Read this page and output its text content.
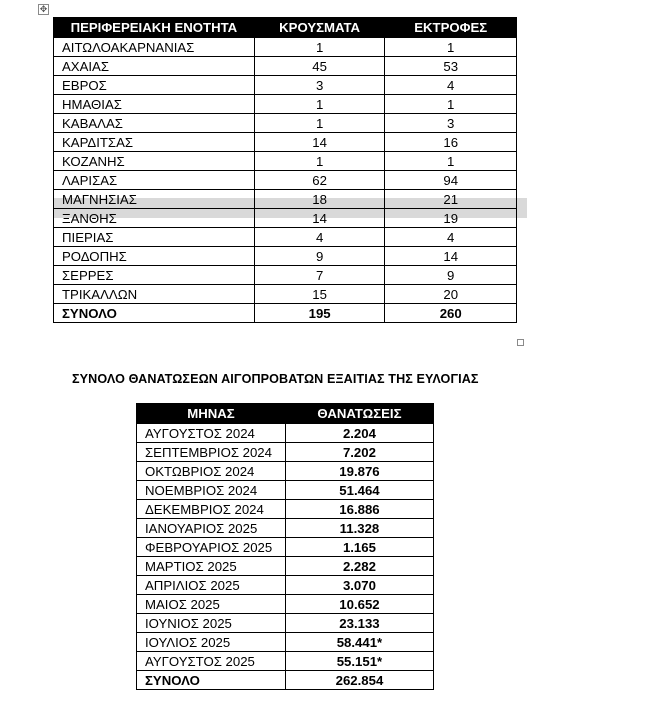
✥
ΠΕΡΙΦΕΡΕΙΑΚΗ ΕΝΟΤΗΤΑ	ΚΡΟΥΣΜΑΤΑ	ΕΚΤΡΟΦΕΣ
ΑΙΤΩΛΟΑΚΑΡΝΑΝΙΑΣ	1	1
ΑΧΑΙΑΣ	45	53
ΕΒΡΟΣ	3	4
ΗΜΑΘΙΑΣ	1	1
ΚΑΒΑΛΑΣ	1	3
ΚΑΡΔΙΤΣΑΣ	14	16
ΚΟΖΑΝΗΣ	1	1
ΛΑΡΙΣΑΣ	62	94
ΜΑΓΝΗΣΙΑΣ	18	21
ΞΑΝΘΗΣ	14	19
ΠΙΕΡΙΑΣ	4	4
ΡΟΔΟΠΗΣ	9	14
ΣΕΡΡΕΣ	7	9
ΤΡΙΚΑΛΛΩΝ	15	20
ΣΥΝΟΛΟ	195	260
ΣΥΝΟΛΟ ΘΑΝΑΤΩΣΕΩΝ ΑΙΓΟΠΡΟΒΑΤΩΝ ΕΞΑΙΤΙΑΣ ΤΗΣ ΕΥΛΟΓΙΑΣ
ΜΗΝΑΣ	ΘΑΝΑΤΩΣΕΙΣ
ΑΥΓΟΥΣΤΟΣ 2024	2.204
ΣΕΠΤΕΜΒΡΙΟΣ 2024	7.202
ΟΚΤΩΒΡΙΟΣ 2024	19.876
ΝΟΕΜΒΡΙΟΣ 2024	51.464
ΔΕΚΕΜΒΡΙΟΣ 2024	16.886
ΙΑΝΟΥΑΡΙΟΣ 2025	11.328
ΦΕΒΡΟΥΑΡΙΟΣ 2025	1.165
ΜΑΡΤΙΟΣ 2025	2.282
ΑΠΡΙΛΙΟΣ 2025	3.070
ΜΑΙΟΣ 2025	10.652
ΙΟΥΝΙΟΣ 2025	23.133
ΙΟΥΛΙΟΣ 2025	58.441*
ΑΥΓΟΥΣΤΟΣ 2025	55.151*
ΣΥΝΟΛΟ	262.854
